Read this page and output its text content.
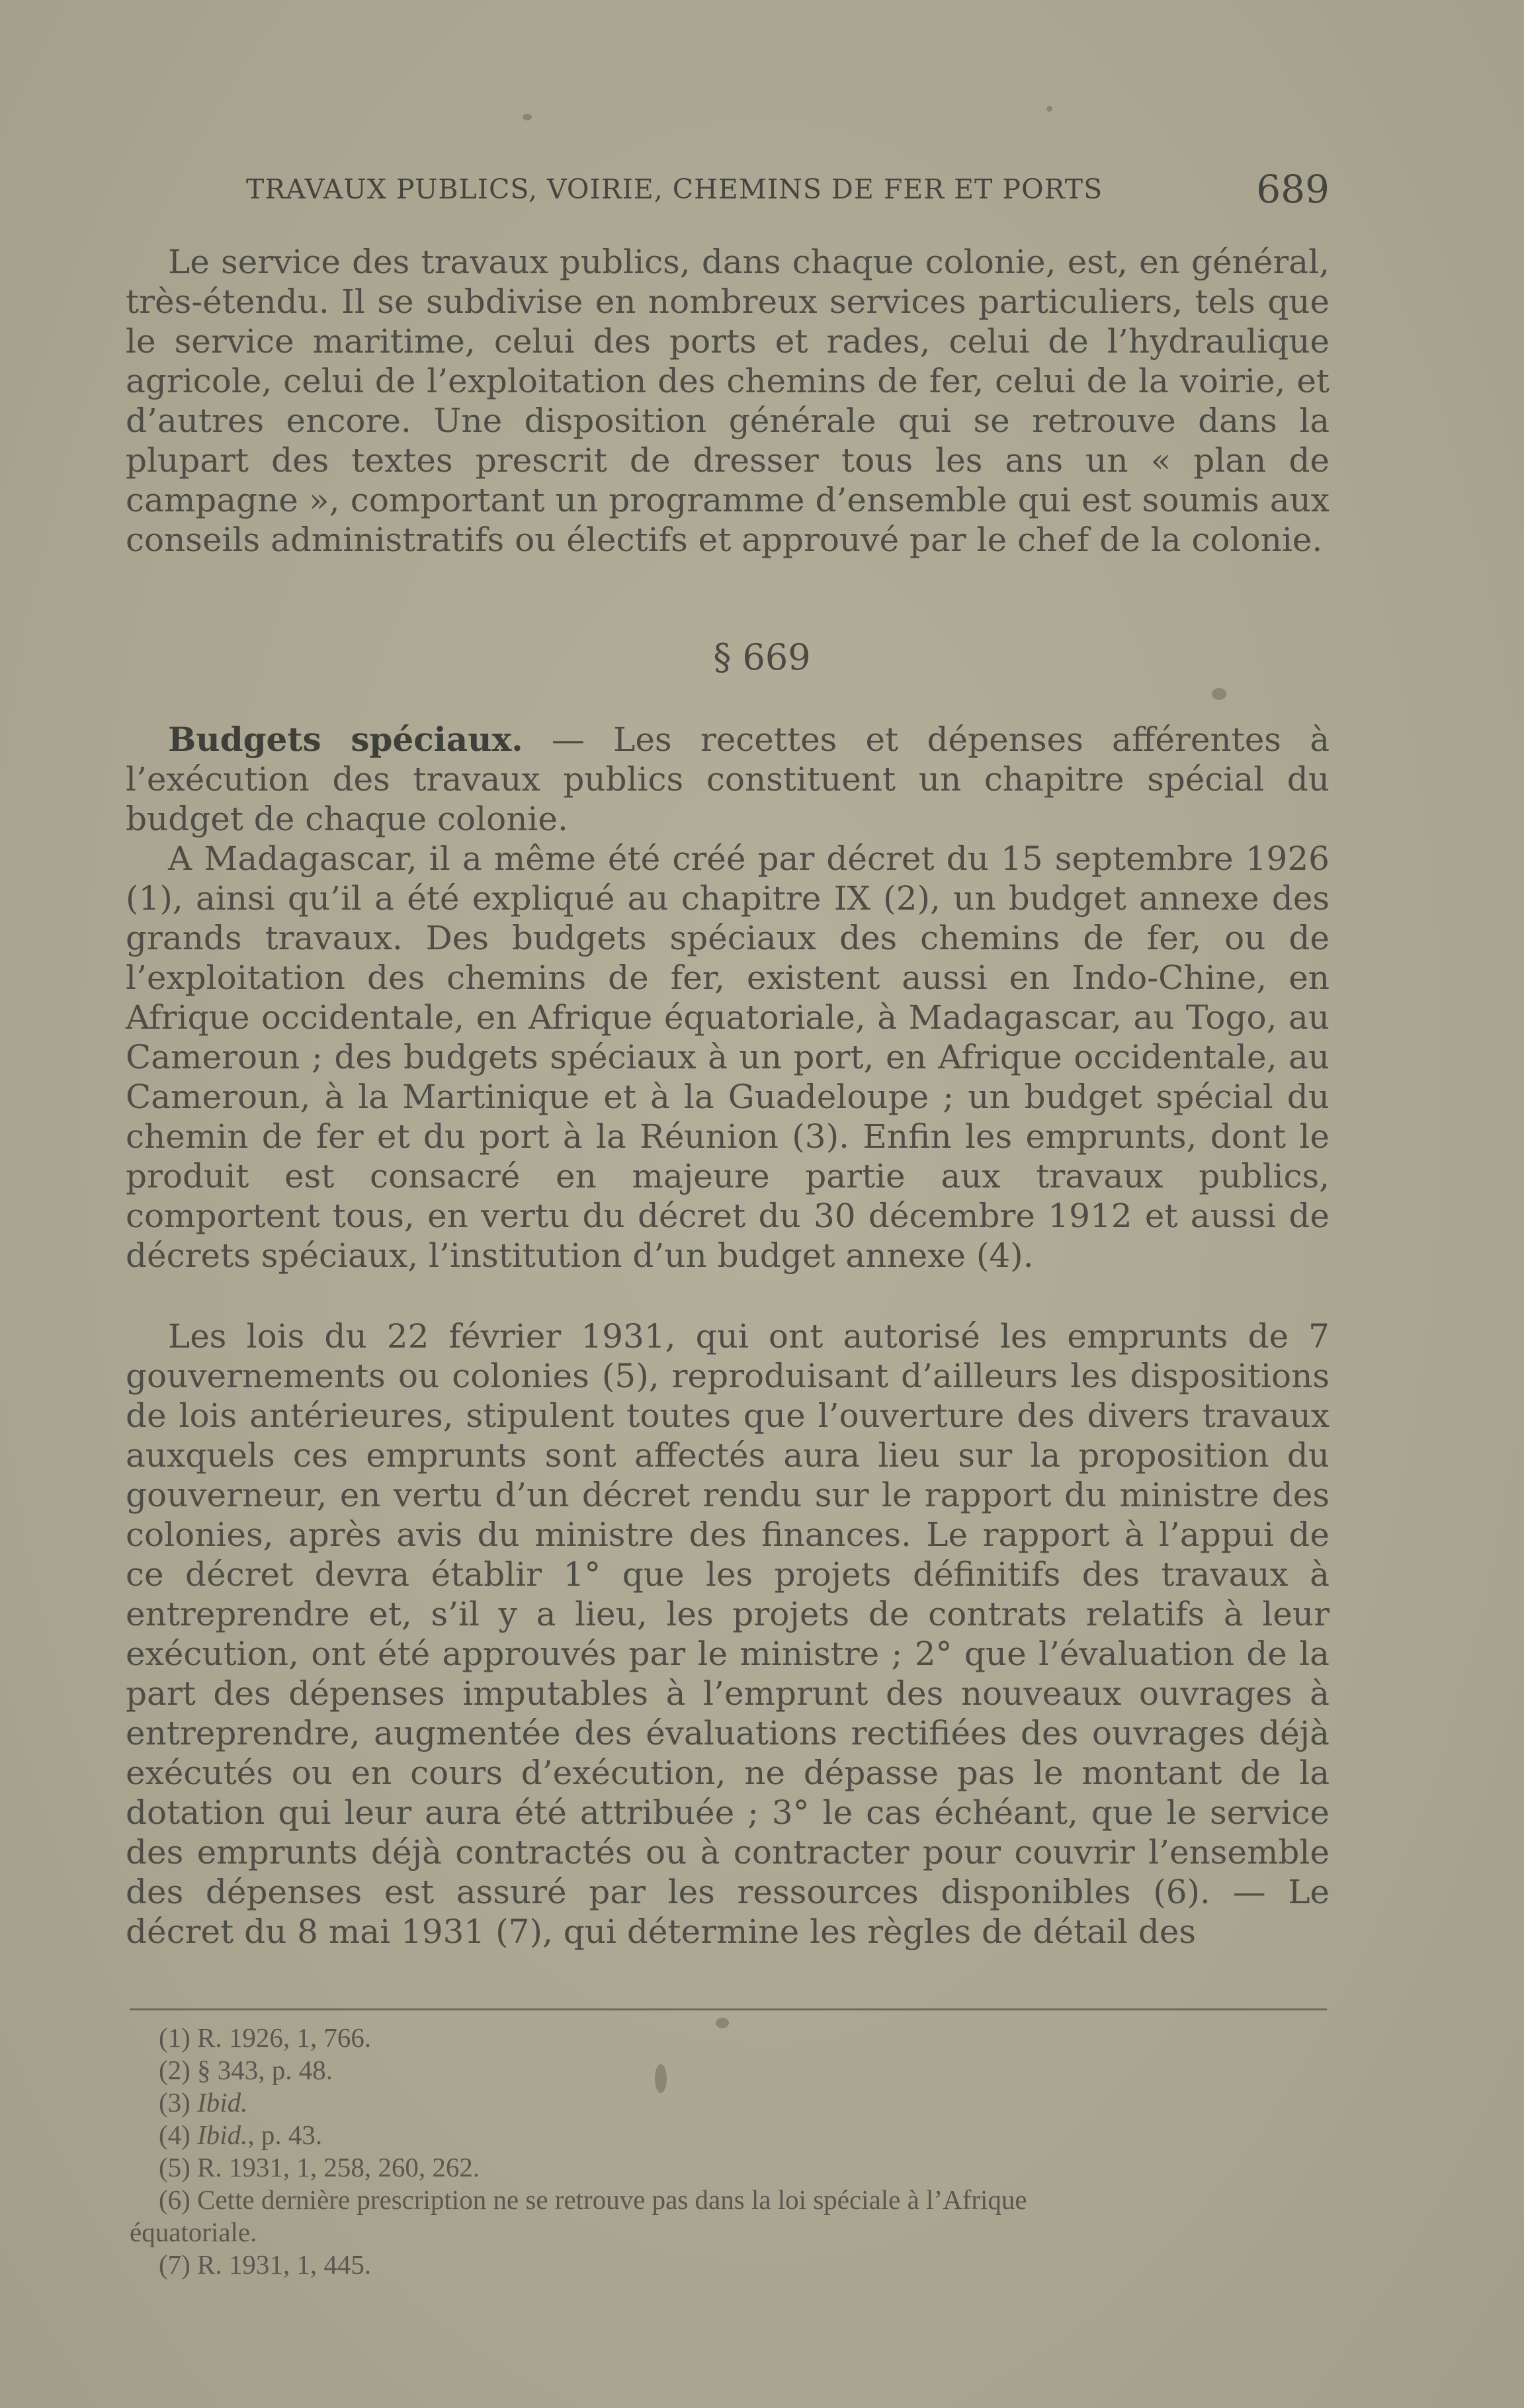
TRAVAUX PUBLICS, VOIRIE, CHEMINS DE FER ET PORTS	689

Le service des travaux publics, dans chaque colonie, est, en général, très-étendu. Il se subdivise en nombreux services particuliers, tels que le service maritime, celui des ports et rades, celui de l’hydraulique agricole, celui de l’exploitation des chemins de fer, celui de la voirie, et d’autres encore. Une disposition générale qui se retrouve dans la plupart des textes prescrit de dresser tous les ans un « plan de campagne », comportant un programme d’ensemble qui est soumis aux conseils administratifs ou électifs et approuvé par le chef de la colonie.

§ 669

Budgets spéciaux. — Les recettes et dépenses afférentes à l’exécution des travaux publics constituent un chapitre spécial du budget de chaque colonie.

A Madagascar, il a même été créé par décret du 15 septembre 1926 (1), ainsi qu’il a été expliqué au chapitre IX (2), un budget annexe des grands travaux. Des budgets spéciaux des chemins de fer, ou de l’exploitation des chemins de fer, existent aussi en Indo-Chine, en Afrique occidentale, en Afrique équatoriale, à Madagascar, au Togo, au Cameroun ; des budgets spéciaux à un port, en Afrique occidentale, au Cameroun, à la Martinique et à la Guadeloupe ; un budget spécial du chemin de fer et du port à la Réunion (3). Enfin les emprunts, dont le produit est consacré en majeure partie aux travaux publics, comportent tous, en vertu du décret du 30 décembre 1912 et aussi de décrets spéciaux, l’institution d’un budget annexe (4).

Les lois du 22 février 1931, qui ont autorisé les emprunts de 7 gouvernements ou colonies (5), reproduisant d’ailleurs les dispositions de lois antérieures, stipulent toutes que l’ouverture des divers travaux auxquels ces emprunts sont affectés aura lieu sur la proposition du gouverneur, en vertu d’un décret rendu sur le rapport du ministre des colonies, après avis du ministre des finances. Le rapport à l’appui de ce décret devra établir 1° que les projets définitifs des travaux à entreprendre et, s’il y a lieu, les projets de contrats relatifs à leur exécution, ont été approuvés par le ministre ; 2° que l’évaluation de la part des dépenses imputables à l’emprunt des nouveaux ouvrages à entreprendre, augmentée des évaluations rectifiées des ouvrages déjà exécutés ou en cours d’exécution, ne dépasse pas le montant de la dotation qui leur aura été attribuée ; 3° le cas échéant, que le service des emprunts déjà contractés ou à contracter pour couvrir l’ensemble des dépenses est assuré par les ressources disponibles (6). — Le décret du 8 mai 1931 (7), qui détermine les règles de détail des

(1) R. 1926, 1, 766.

(2) § 343, p. 48.

(3) Ibid.

(4) Ibid., p. 43.

(5) R. 1931, 1, 258, 260, 262.

(6) Cette dernière prescription ne se retrouve pas dans la loi spéciale à l’Afrique

équatoriale.

(7) R. 1931, 1, 445.
